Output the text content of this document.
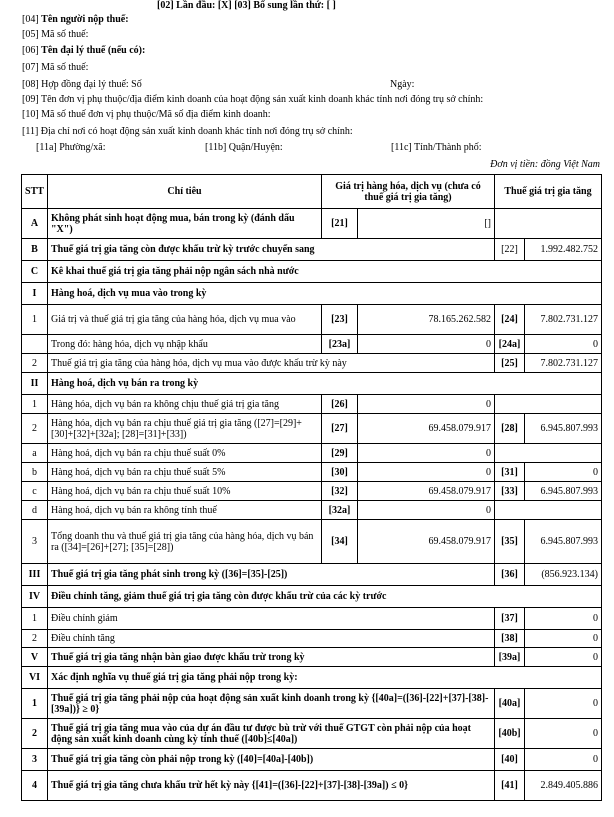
[02] Lần đầu: [X] [03] Bổ sung lần thứ: [ ]
[04] Tên người nộp thuế:
[05] Mã số thuế:
[06] Tên đại lý thuế (nếu có):
[07] Mã số thuế:
[08] Hợp đồng đại lý thuế: Số	Ngày:
[09] Tên đơn vị phụ thuộc/địa điểm kinh doanh của hoạt động sản xuất kinh doanh khác tỉnh nơi đóng trụ sở chính:
[10] Mã số thuế đơn vị phụ thuộc/Mã số địa điểm kinh doanh:
[11] Địa chỉ nơi có hoạt động sản xuất kinh doanh khác tỉnh nơi đóng trụ sở chính:
[11a] Phường/xã:	[11b] Quận/Huyện:	[11c] Tỉnh/Thành phố:
Đơn vị tiền: đồng Việt Nam
STT	Chỉ tiêu	Giá trị hàng hóa, dịch vụ (chưa có thuế giá trị gia tăng)		Thuế giá trị gia tăng	
A	Không phát sinh hoạt động mua, bán trong kỳ (đánh dấu "X")	[21]	[]		
B	Thuế giá trị gia tăng còn được khấu trừ kỳ trước chuyển sang			[22]	1.992.482.752
C	Kê khai thuế giá trị gia tăng phải nộp ngân sách nhà nước				
I	Hàng hoá, dịch vụ mua vào trong kỳ				
1	Giá trị và thuế giá trị gia tăng của hàng hóa, dịch vụ mua vào	[23]	78.165.262.582	[24]	7.802.731.127
	Trong đó: hàng hóa, dịch vụ nhập khẩu	[23a]	0	[24a]	0
2	Thuế giá trị gia tăng của hàng hóa, dịch vụ mua vào được khấu trừ kỳ này			[25]	7.802.731.127
II	Hàng hoá, dịch vụ bán ra trong kỳ				
1	Hàng hóa, dịch vụ bán ra không chịu thuế giá trị gia tăng	[26]	0		
2	Hàng hóa, dịch vụ bán ra chịu thuế giá trị gia tăng ([27]=[29]+[30]+[32]+[32a]; [28]=[31]+[33])	[27]	69.458.079.917	[28]	6.945.807.993
a	Hàng hoá, dịch vụ bán ra chịu thuế suất 0%	[29]	0		
b	Hàng hoá, dịch vụ bán ra chịu thuế suất 5%	[30]	0	[31]	0
c	Hàng hoá, dịch vụ bán ra chịu thuế suất 10%	[32]	69.458.079.917	[33]	6.945.807.993
d	Hàng hoá, dịch vụ bán ra không tính thuế	[32a]	0		
3	Tổng doanh thu và thuế giá trị gia tăng của hàng hóa, dịch vụ bán ra ([34]=[26]+[27]; [35]=[28])	[34]	69.458.079.917	[35]	6.945.807.993
III	Thuế giá trị gia tăng phát sinh trong kỳ ([36]=[35]-[25])			[36]	(856.923.134)
IV	Điều chỉnh tăng, giảm thuế giá trị gia tăng còn được khấu trừ của các kỳ trước				
1	Điều chỉnh giảm			[37]	0
2	Điều chỉnh tăng			[38]	0
V	Thuế giá trị gia tăng nhận bàn giao được khấu trừ trong kỳ			[39a]	0
VI	Xác định nghĩa vụ thuế giá trị gia tăng phải nộp trong kỳ:				
1	Thuế giá trị gia tăng phải nộp của hoạt động sản xuất kinh doanh trong kỳ {[40a]=([36]-[22]+[37]-[38]-[39a])} ≥ 0}			[40a]	0
2	Thuế giá trị gia tăng mua vào của dự án đầu tư được bù trừ với thuế GTGT còn phải nộp của hoạt động sản xuất kinh doanh cùng kỳ tính thuế ([40b]≤[40a])			[40b]	0
3	Thuế giá trị gia tăng còn phải nộp trong kỳ ([40]=[40a]-[40b])			[40]	0
4	Thuế giá trị gia tăng chưa khấu trừ hết kỳ này {[41]=([36]-[22]+[37]-[38]-[39a]) ≤ 0}			[41]	2.849.405.886
